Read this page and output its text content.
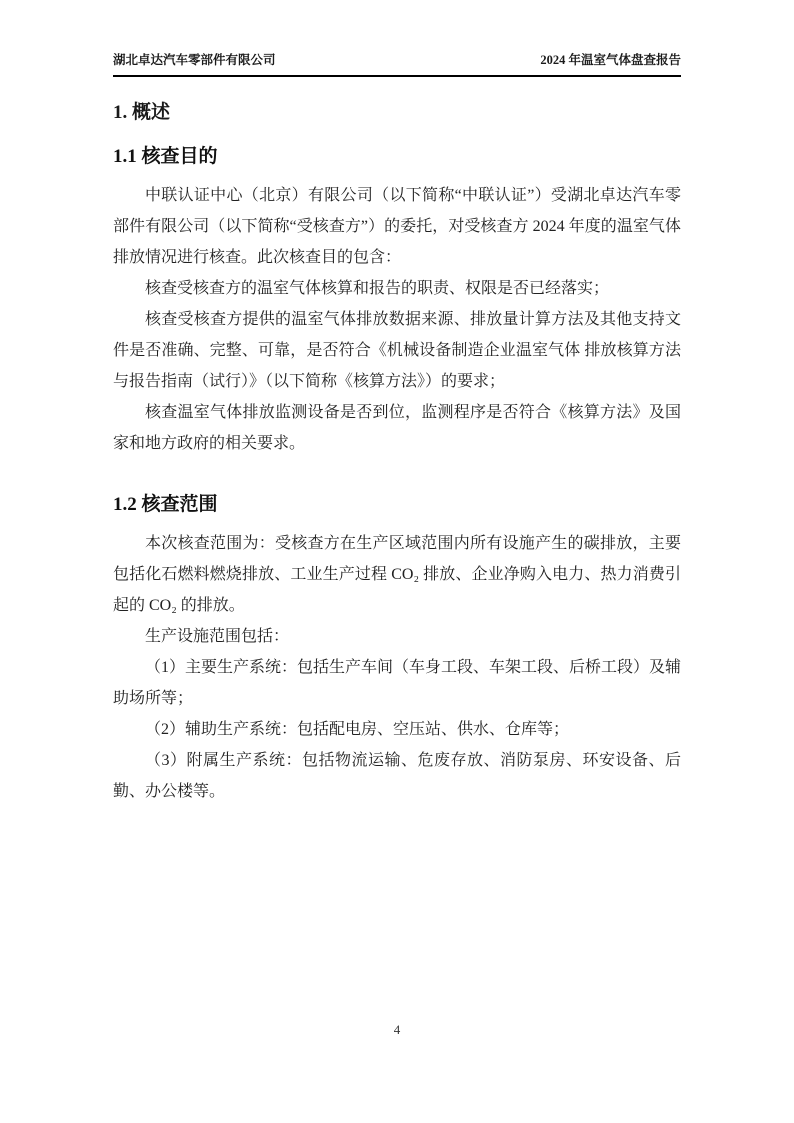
湖北卓达汽车零部件有限公司	2024 年温室气体盘查报告
1. 概述
1.1 核查目的

中联认证中心（北京）有限公司（以下简称“中联认证”）受湖北卓达汽车零部件有限公司（以下简称“受核查方”）的委托，对受核查方 2024 年度的温室气体排放情况进行核查。此次核查目的包含：

核查受核查方的温室气体核算和报告的职责、权限是否已经落实；

核查受核查方提供的温室气体排放数据来源、排放量计算方法及其他支持文件是否准确、完整、可靠，是否符合《机械设备制造企业温室气体 排放核算方法与报告指南（试行）》（以下简称《核算方法》）的要求；

核查温室气体排放监测设备是否到位，监测程序是否符合《核算方法》及国家和地方政府的相关要求。

1.2 核查范围

本次核查范围为：受核查方在生产区域范围内所有设施产生的碳排放，主要包括化石燃料燃烧排放、工业生产过程 CO₂ 排放、企业净购入电力、热力消费引起的 CO₂ 的排放。

生产设施范围包括：

（1）主要生产系统：包括生产车间（车身工段、车架工段、后桥工段）及辅助场所等；

（2）辅助生产系统：包括配电房、空压站、供水、仓库等；

（3）附属生产系统：包括物流运输、危废存放、消防泵房、环安设备、后勤、办公楼等。

4
